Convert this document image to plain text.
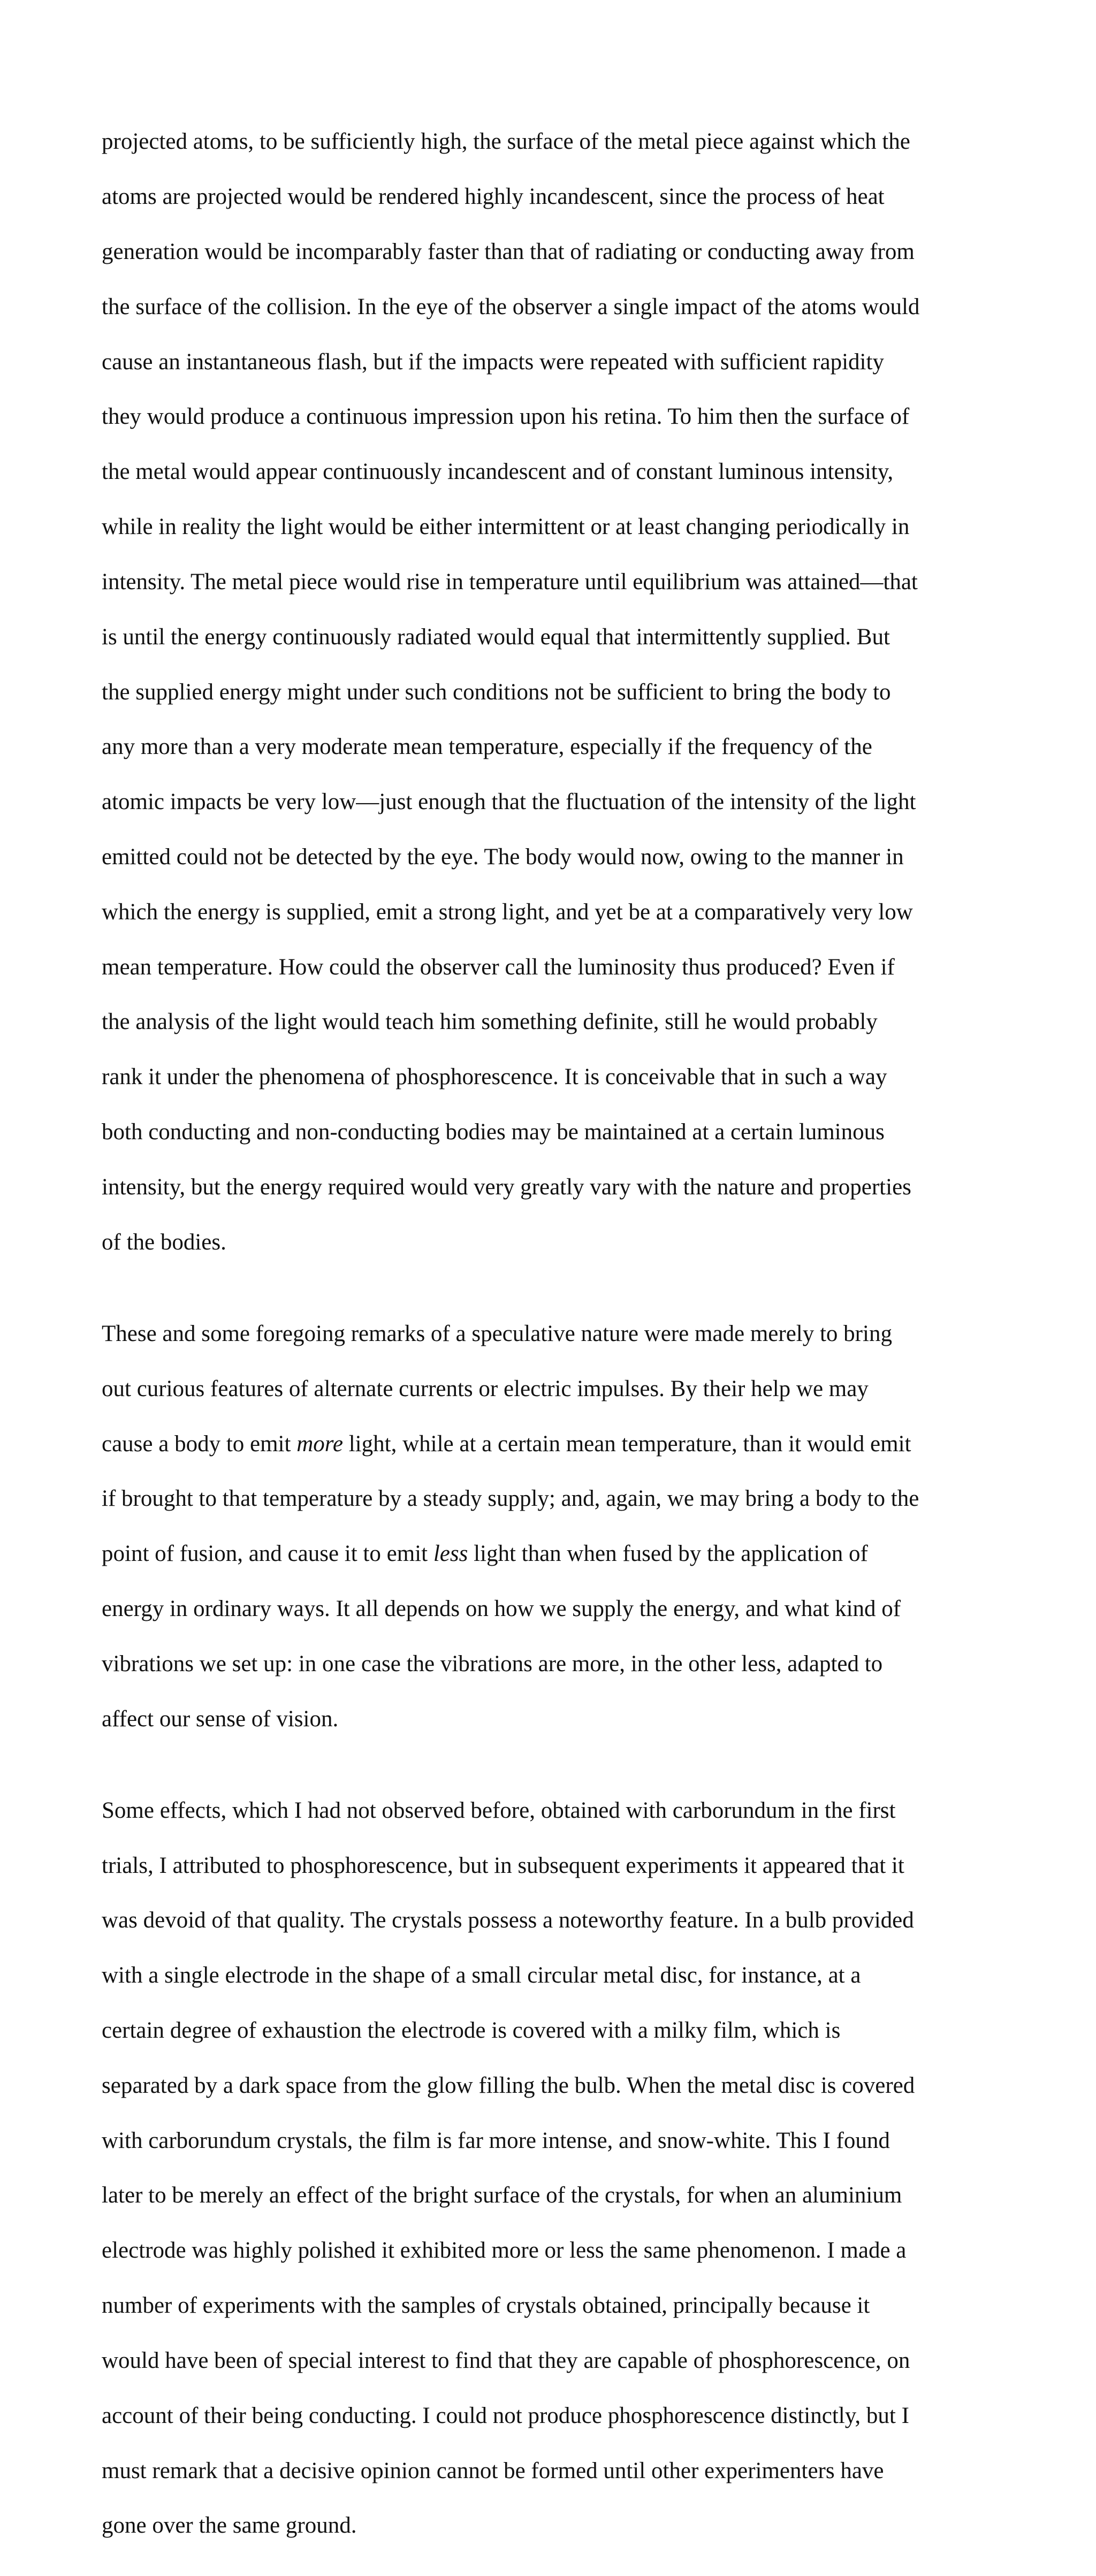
projected atoms, to be sufficiently high, the surface of the metal piece against which the

atoms are projected would be rendered highly incandescent, since the process of heat

generation would be incomparably faster than that of radiating or conducting away from

the surface of the collision. In the eye of the observer a single impact of the atoms would

cause an instantaneous flash, but if the impacts were repeated with sufficient rapidity

they would produce a continuous impression upon his retina. To him then the surface of

the metal would appear continuously incandescent and of constant luminous intensity,

while in reality the light would be either intermittent or at least changing periodically in

intensity. The metal piece would rise in temperature until equilibrium was attained—that

is until the energy continuously radiated would equal that intermittently supplied. But

the supplied energy might under such conditions not be sufficient to bring the body to

any more than a very moderate mean temperature, especially if the frequency of the

atomic impacts be very low—just enough that the fluctuation of the intensity of the light

emitted could not be detected by the eye. The body would now, owing to the manner in

which the energy is supplied, emit a strong light, and yet be at a comparatively very low

mean temperature. How could the observer call the luminosity thus produced? Even if

the analysis of the light would teach him something definite, still he would probably

rank it under the phenomena of phosphorescence. It is conceivable that in such a way

both conducting and non-conducting bodies may be maintained at a certain luminous

intensity, but the energy required would very greatly vary with the nature and properties

of the bodies.

These and some foregoing remarks of a speculative nature were made merely to bring

out curious features of alternate currents or electric impulses. By their help we may

cause a body to emit more light, while at a certain mean temperature, than it would emit

if brought to that temperature by a steady supply; and, again, we may bring a body to the

point of fusion, and cause it to emit less light than when fused by the application of

energy in ordinary ways. It all depends on how we supply the energy, and what kind of

vibrations we set up: in one case the vibrations are more, in the other less, adapted to

affect our sense of vision.

Some effects, which I had not observed before, obtained with carborundum in the first

trials, I attributed to phosphorescence, but in subsequent experiments it appeared that it

was devoid of that quality. The crystals possess a noteworthy feature. In a bulb provided

with a single electrode in the shape of a small circular metal disc, for instance, at a

certain degree of exhaustion the electrode is covered with a milky film, which is

separated by a dark space from the glow filling the bulb. When the metal disc is covered

with carborundum crystals, the film is far more intense, and snow-white. This I found

later to be merely an effect of the bright surface of the crystals, for when an aluminium

electrode was highly polished it exhibited more or less the same phenomenon. I made a

number of experiments with the samples of crystals obtained, principally because it

would have been of special interest to find that they are capable of phosphorescence, on

account of their being conducting. I could not produce phosphorescence distinctly, but I

must remark that a decisive opinion cannot be formed until other experimenters have

gone over the same ground.
